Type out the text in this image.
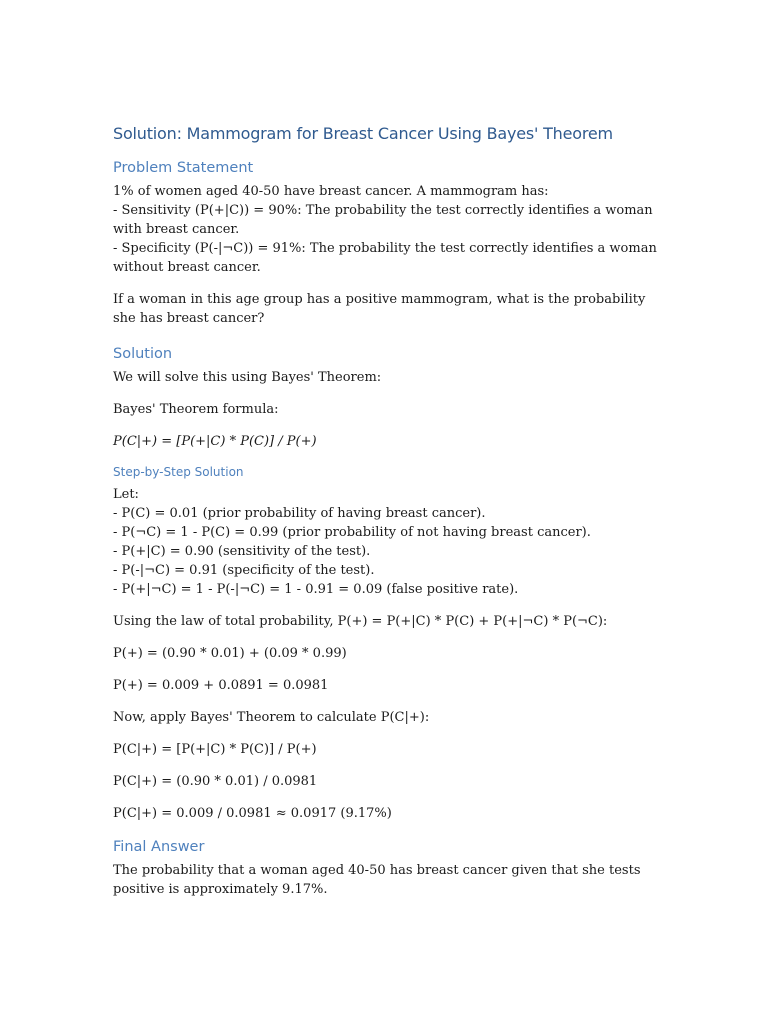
Solution: Mammogram for Breast Cancer Using Bayes' Theorem
Problem Statement

1% of women aged 40-50 have breast cancer. A mammogram has:

- Sensitivity (P(+|C)) = 90%: The probability the test correctly identifies a woman with breast cancer.

- Specificity (P(-|¬C)) = 91%: The probability the test correctly identifies a woman without breast cancer.

If a woman in this age group has a positive mammogram, what is the probability she has breast cancer?

Solution

We will solve this using Bayes' Theorem:

Bayes' Theorem formula:

P(C|+) = [P(+|C) * P(C)] / P(+)

Step-by-Step Solution

Let:

- P(C) = 0.01 (prior probability of having breast cancer).

- P(¬C) = 1 - P(C) = 0.99 (prior probability of not having breast cancer).

- P(+|C) = 0.90 (sensitivity of the test).

- P(-|¬C) = 0.91 (specificity of the test).

- P(+|¬C) = 1 - P(-|¬C) = 1 - 0.91 = 0.09 (false positive rate).

Using the law of total probability, P(+) = P(+|C) * P(C) + P(+|¬C) * P(¬C):

P(+) = (0.90 * 0.01) + (0.09 * 0.99)

P(+) = 0.009 + 0.0891 = 0.0981

Now, apply Bayes' Theorem to calculate P(C|+):

P(C|+) = [P(+|C) * P(C)] / P(+)

P(C|+) = (0.90 * 0.01) / 0.0981

P(C|+) = 0.009 / 0.0981 ≈ 0.0917 (9.17%)

Final Answer

The probability that a woman aged 40-50 has breast cancer given that she tests positive is approximately 9.17%.
